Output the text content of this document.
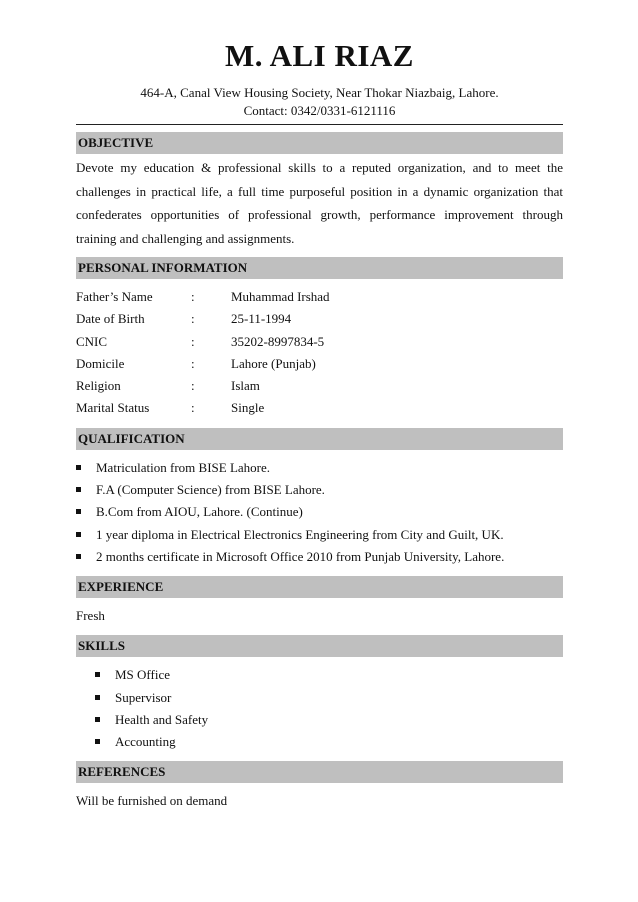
M. ALI RIAZ
464-A, Canal View Housing Society, Near Thokar Niazbaig, Lahore.
Contact: 0342/0331-6121116
OBJECTIVE
Devote my education & professional skills to a reputed organization, and to meet the challenges in practical life, a full time purposeful position in a dynamic organization that confederates opportunities of professional growth, performance improvement through training and challenging and assignments.
PERSONAL INFORMATION
Father’s Name	:	Muhammad Irshad
Date of Birth	:	25-11-1994
CNIC	:	35202-8997834-5
Domicile	:	Lahore (Punjab)
Religion	:	Islam
Marital Status	:	Single
QUALIFICATION
Matriculation from BISE Lahore.
F.A (Computer Science) from BISE Lahore.
B.Com from AIOU, Lahore. (Continue)
1 year diploma in Electrical Electronics Engineering from City and Guilt, UK.
2 months certificate in Microsoft Office 2010 from Punjab University, Lahore.
EXPERIENCE
Fresh
SKILLS
MS Office
Supervisor
Health and Safety
Accounting
REFERENCES
Will be furnished on demand
